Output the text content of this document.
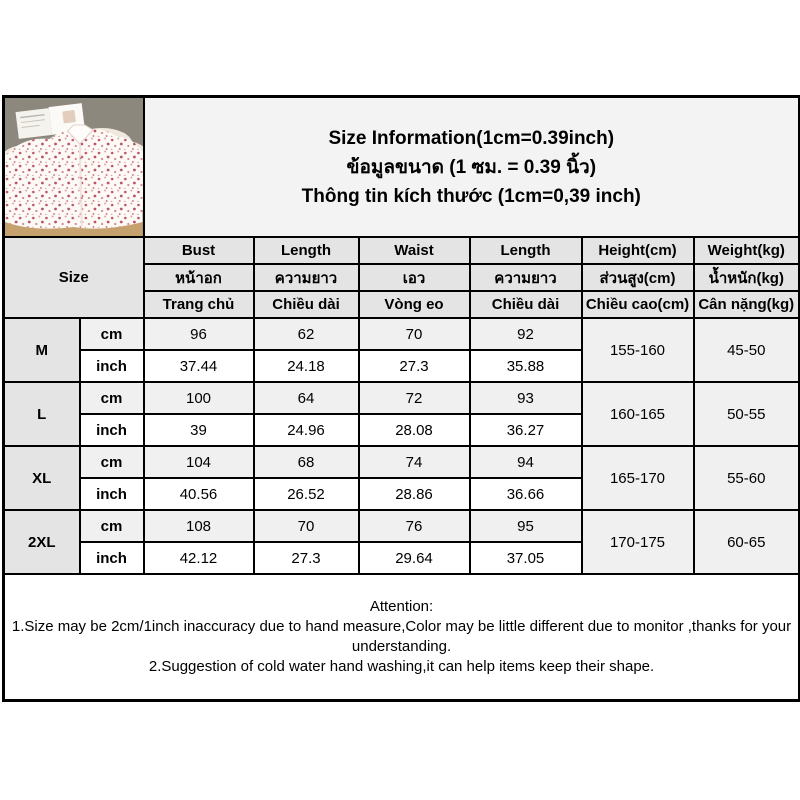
Size Information(1cm=0.39inch)
ข้อมูลขนาด (1 ซม. = 0.39 นิ้ว)
Thông tin kích thước (1cm=0,39 inch)					

Size		Bust	Length	Waist	Length	Height(cm)	Weight(kg)
		หน้าอก	ความยาว	เอว	ความยาว	ส่วนสูง(cm)	น้ำหนัก(kg)
		Trang chủ	Chiều dài	Vòng eo	Chiều dài	Chiều cao(cm)	Cân nặng(kg)
M	cm	96	62	70	92	155-160	45-50
	inch	37.44	24.18	27.3	35.88		
L	cm	100	64	72	93	160-165	50-55
	inch	39	24.96	28.08	36.27		
XL	cm	104	68	74	94	165-170	55-60
	inch	40.56	26.52	28.86	36.66		
2XL	cm	108	70	76	95	170-175	60-65
	inch	42.12	27.3	29.64	37.05		

Attention:
1.Size may be 2cm/1inch inaccuracy due to hand measure,Color may be little different due to monitor ,thanks for your understanding.
2.Suggestion of cold water hand washing,it can help items keep their shape.							
